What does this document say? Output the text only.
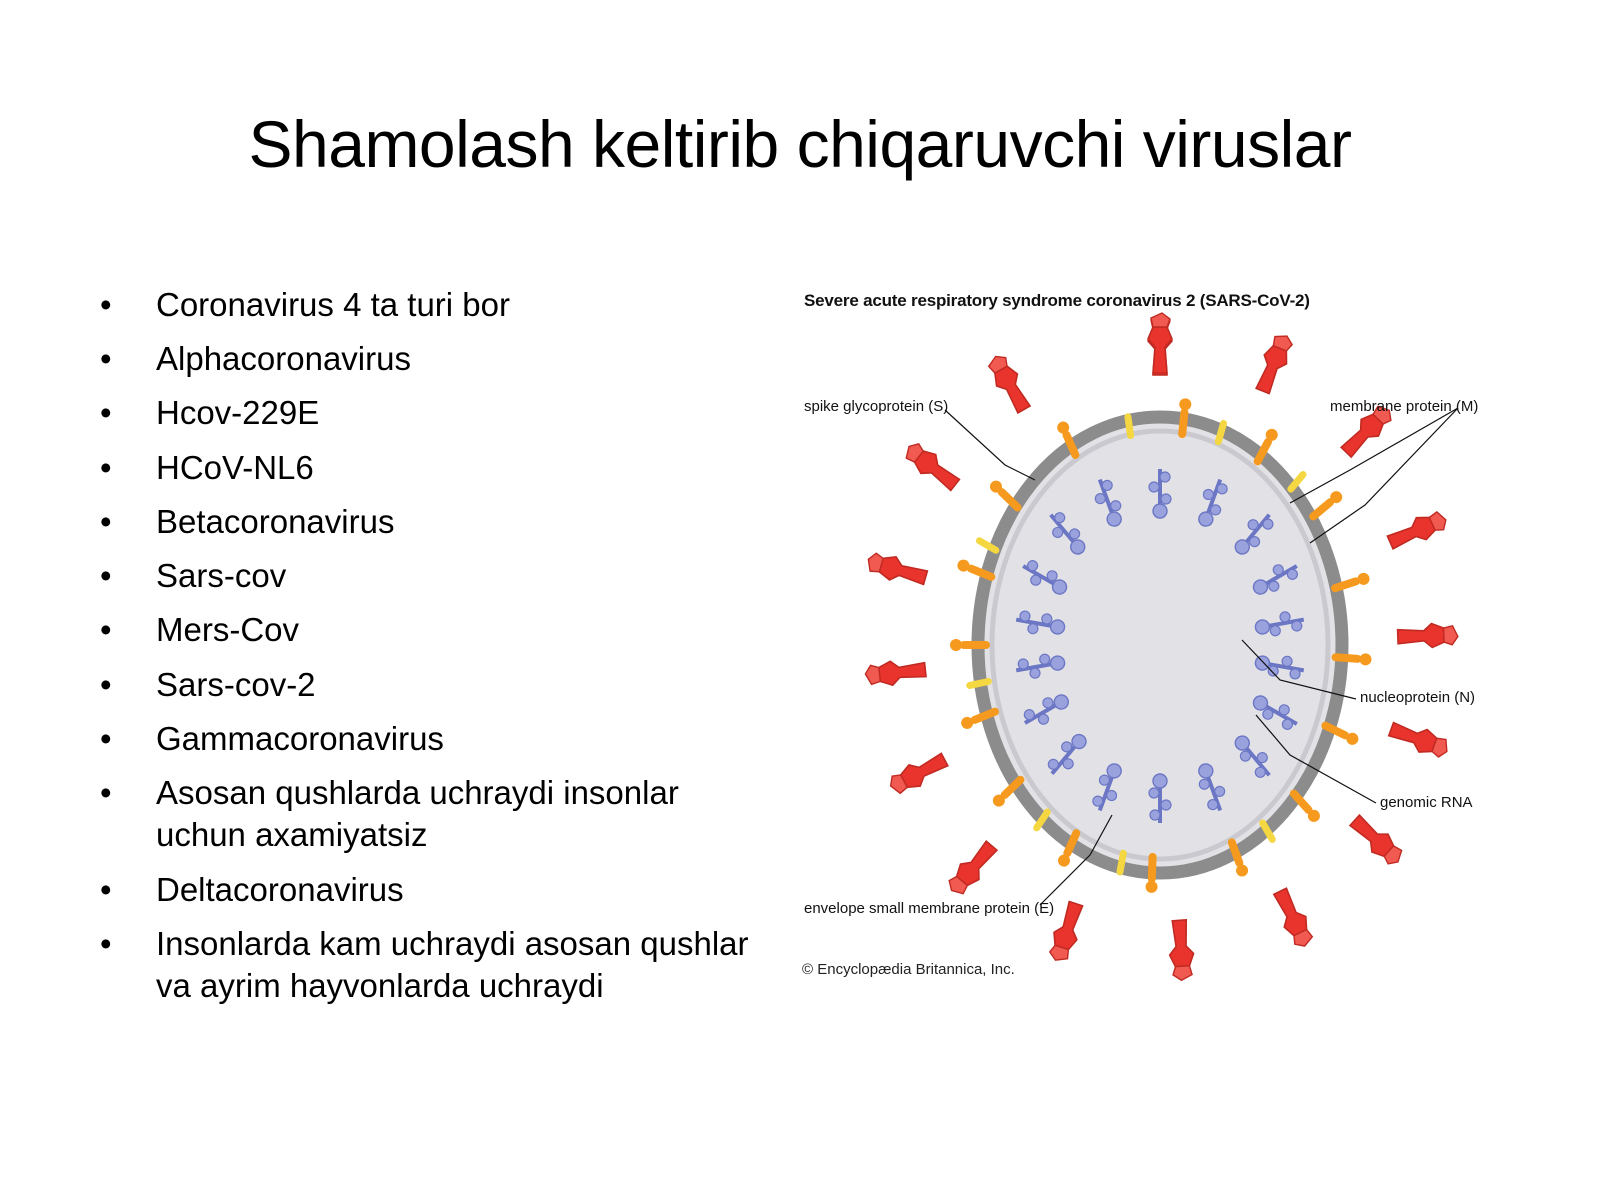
Shamolash keltirib chiqaruvchi viruslar
• Coronavirus 4 ta turi bor
• Alphacoronavirus
• Hcov-229E
• HCoV-NL6
• Betacoronavirus
• Sars-cov
• Mers-Cov
• Sars-cov-2
• Gammacoronavirus
• Asosan qushlarda uchraydi insonlar uchun axamiyatsiz
• Deltacoronavirus
• Insonlarda kam uchraydi asosan qushlar va ayrim hayvonlarda uchraydi
Severe acute respiratory syndrome coronavirus 2 (SARS-CoV-2)
spike glycoprotein (S)	membrane protein (M)
nucleoprotein (N)
genomic RNA
envelope small membrane protein (E)
© Encyclopædia Britannica, Inc.
